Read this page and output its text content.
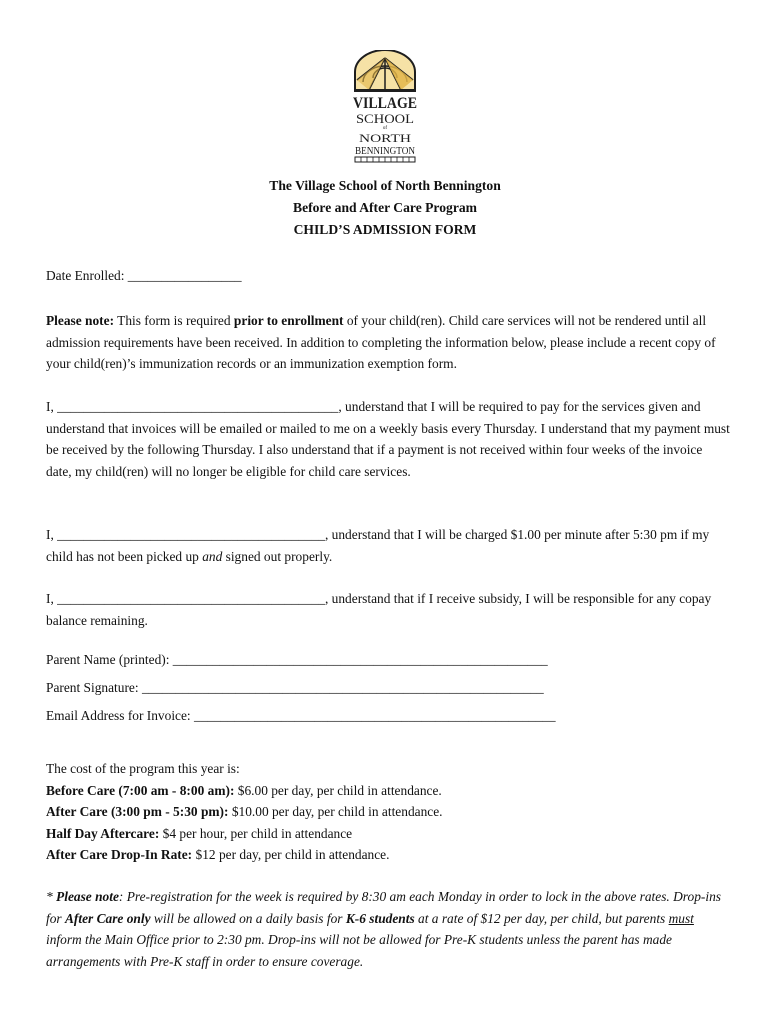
VILLAGE
SCHOOL
of
NORTH
BENNINGTON
The Village School of North Bennington
Before and After Care Program
CHILD’S ADMISSION FORM
Date Enrolled: _________________
Please note: This form is required prior to enrollment of your child(ren). Child care services will not be rendered until all admission requirements have been received. In addition to completing the information below, please include a recent copy of your child(ren)’s immunization records or an immunization exemption form.
I, __________________________________________, understand that I will be required to pay for the services given and understand that invoices will be emailed or mailed to me on a weekly basis every Thursday. I understand that my payment must be received by the following Thursday. I also understand that if a payment is not received within four weeks of the invoice date, my child(ren) will no longer be eligible for child care services.
I, ________________________________________, understand that I will be charged $1.00 per minute after 5:30 pm if my child has not been picked up and signed out properly.
I, ________________________________________, understand that if I receive subsidy, I will be responsible for any copay balance remaining.
Parent Name (printed): ________________________________________________________
Parent Signature: ____________________________________________________________
Email Address for Invoice: ______________________________________________________
The cost of the program this year is:
Before Care (7:00 am - 8:00 am): $6.00 per day, per child in attendance.
After Care (3:00 pm - 5:30 pm): $10.00 per day, per child in attendance.
Half Day Aftercare: $4 per hour, per child in attendance
After Care Drop-In Rate: $12 per day, per child in attendance.
* Please note: Pre-registration for the week is required by 8:30 am each Monday in order to lock in the above rates. Drop-ins for After Care only will be allowed on a daily basis for K-6 students at a rate of $12 per day, per child, but parents must inform the Main Office prior to 2:30 pm. Drop-ins will not be allowed for Pre-K students unless the parent has made arrangements with Pre-K staff in order to ensure coverage.
